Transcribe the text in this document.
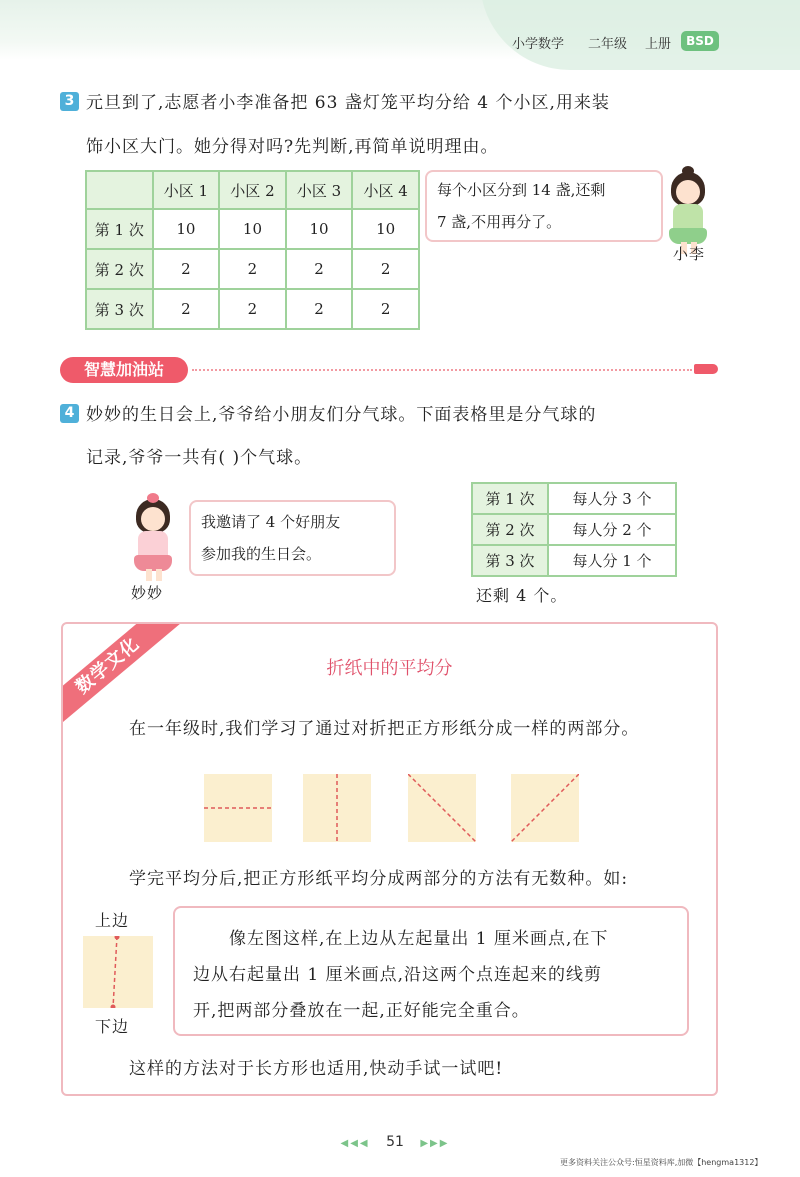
小学数学 二年级 上册	BSD
3 元旦到了,志愿者小李准备把 63 盏灯笼平均分给 4 个小区,用来装
饰小区大门。她分得对吗?先判断,再简单说明理由。
	小区 1	小区 2	小区 3	小区 4
第 1 次	10	10	10	10
第 2 次	2	2	2	2
第 3 次	2	2	2	2
每个小区分到 14 盏,还剩
7 盏,不用再分了。
小李
智慧加油站
4 妙妙的生日会上,爷爷给小朋友们分气球。下面表格里是分气球的
记录,爷爷一共有( )个气球。
妙妙
我邀请了 4 个好朋友
参加我的生日会。
第 1 次	每人分 3 个
第 2 次	每人分 2 个
第 3 次	每人分 1 个
还剩 4 个。
数学文化	折纸中的平均分
在一年级时,我们学习了通过对折把正方形纸分成一样的两部分。
学完平均分后,把正方形纸平均分成两部分的方法有无数种。如:
上边
下边

像左图这样,在上边从左起量出 1 厘米画点,在下

边从右起量出 1 厘米画点,沿这两个点连起来的线剪

开,把两部分叠放在一起,正好能完全重合。

这样的方法对于长方形也适用,快动手试一试吧!
◀◀◀ 51 ▶▶▶
更多资料关注公众号:恒星资料库,加微【hengma1312】
